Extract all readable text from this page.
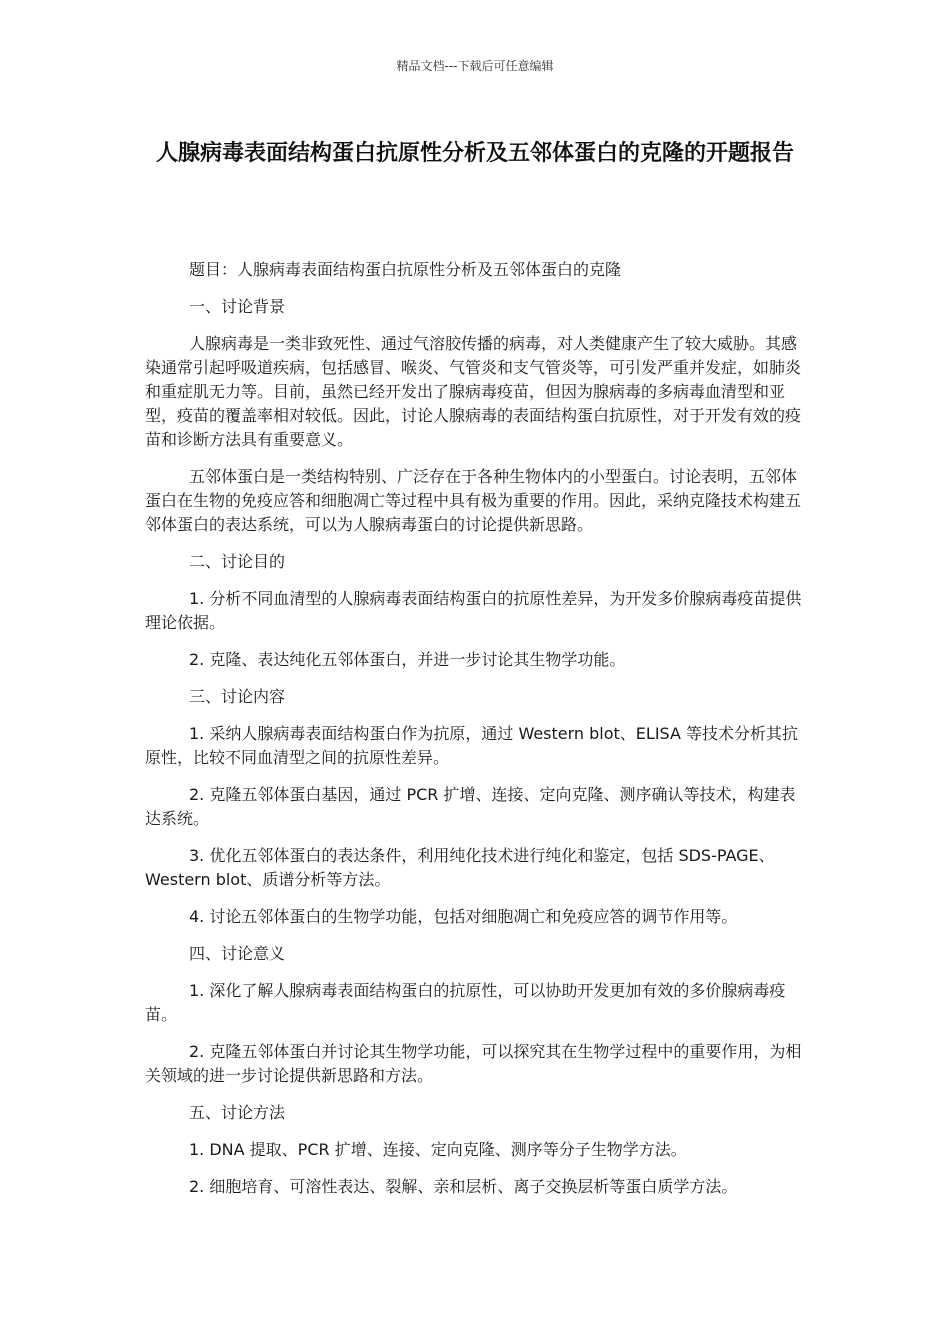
精品文档---下载后可任意编辑
人腺病毒表面结构蛋白抗原性分析及五邻体蛋白的克隆的开题报告

题目：人腺病毒表面结构蛋白抗原性分析及五邻体蛋白的克隆

一、讨论背景

人腺病毒是一类非致死性、通过气溶胶传播的病毒，对人类健康产生了较大威胁。其感染通常引起呼吸道疾病，包括感冒、喉炎、气管炎和支气管炎等，可引发严重并发症，如肺炎和重症肌无力等。目前，虽然已经开发出了腺病毒疫苗，但因为腺病毒的多病毒血清型和亚型，疫苗的覆盖率相对较低。因此，讨论人腺病毒的表面结构蛋白抗原性，对于开发有效的疫苗和诊断方法具有重要意义。

五邻体蛋白是一类结构特别、广泛存在于各种生物体内的小型蛋白。讨论表明，五邻体蛋白在生物的免疫应答和细胞凋亡等过程中具有极为重要的作用。因此，采纳克隆技术构建五邻体蛋白的表达系统，可以为人腺病毒蛋白的讨论提供新思路。

二、讨论目的

1. 分析不同血清型的人腺病毒表面结构蛋白的抗原性差异，为开发多价腺病毒疫苗提供理论依据。

2. 克隆、表达纯化五邻体蛋白，并进一步讨论其生物学功能。

三、讨论内容

1. 采纳人腺病毒表面结构蛋白作为抗原，通过 Western blot、ELISA 等技术分析其抗原性，比较不同血清型之间的抗原性差异。

2. 克隆五邻体蛋白基因，通过 PCR 扩增、连接、定向克隆、测序确认等技术，构建表达系统。

3. 优化五邻体蛋白的表达条件，利用纯化技术进行纯化和鉴定，包括 SDS-PAGE、Western blot、质谱分析等方法。

4. 讨论五邻体蛋白的生物学功能，包括对细胞凋亡和免疫应答的调节作用等。

四、讨论意义

1. 深化了解人腺病毒表面结构蛋白的抗原性，可以协助开发更加有效的多价腺病毒疫苗。

2. 克隆五邻体蛋白并讨论其生物学功能，可以探究其在生物学过程中的重要作用，为相关领域的进一步讨论提供新思路和方法。

五、讨论方法

1. DNA 提取、PCR 扩增、连接、定向克隆、测序等分子生物学方法。

2. 细胞培育、可溶性表达、裂解、亲和层析、离子交换层析等蛋白质学方法。
